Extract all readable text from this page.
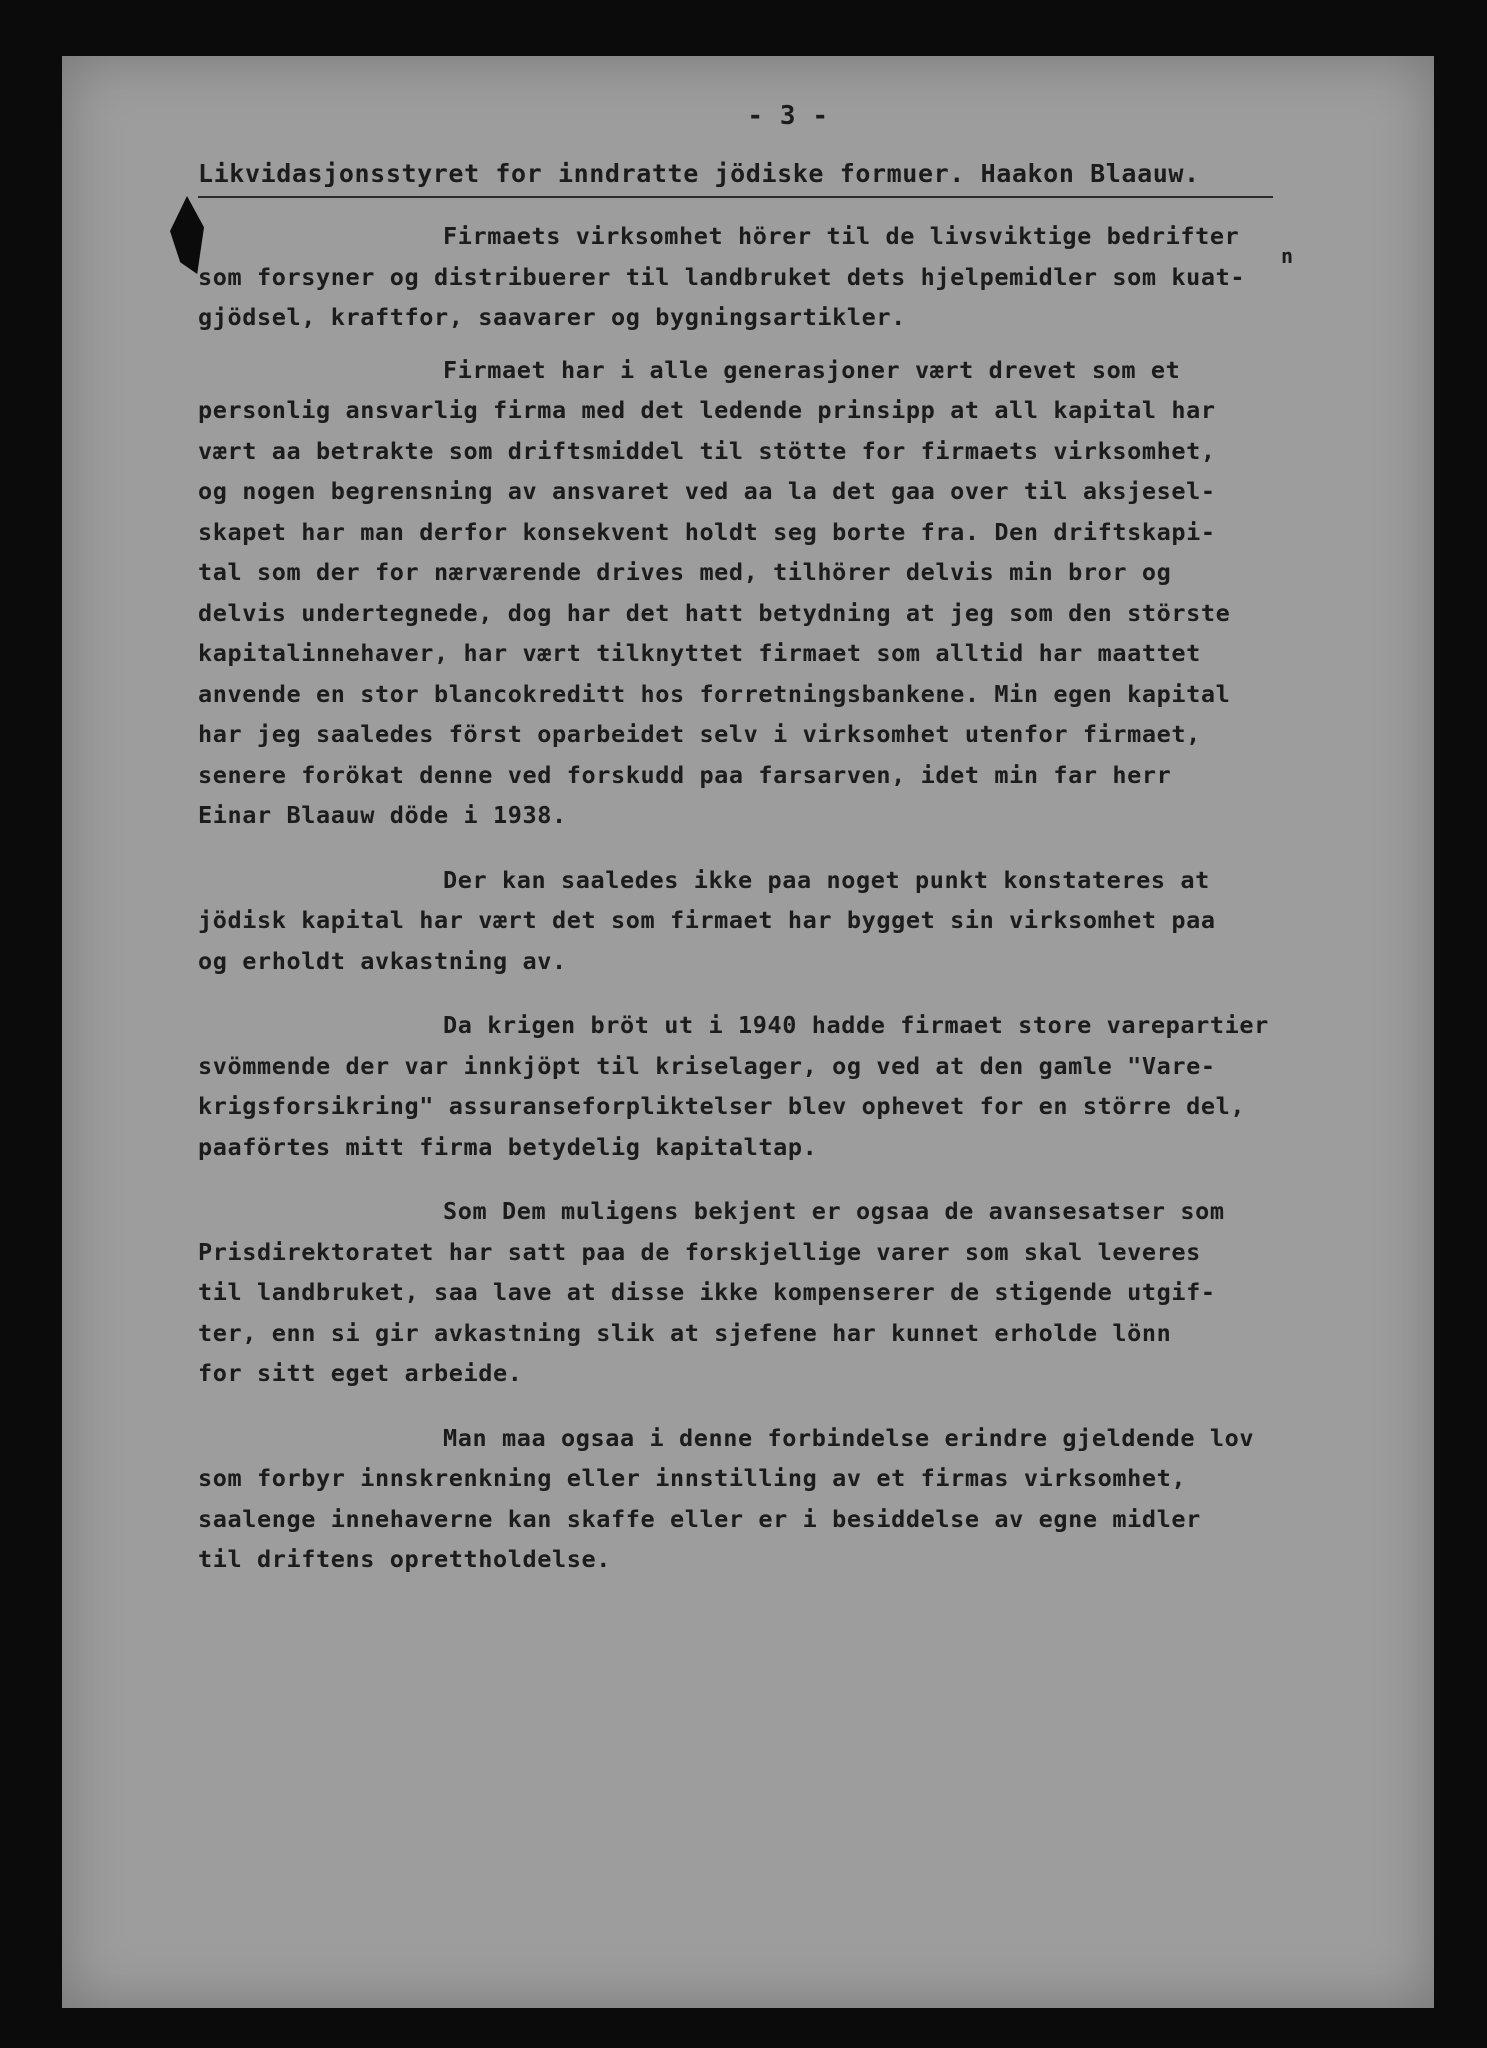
- 3 -
Likvidasjonsstyret for inndratte jödiske formuer. Haakon Blaauw.
n
Firmaets virksomhet hörer til de livsviktige bedrifter
som forsyner og distribuerer til landbruket dets hjelpemidler som kuat-
gjödsel, kraftfor, saavarer og bygningsartikler.
Firmaet har i alle generasjoner vært drevet som et
personlig ansvarlig firma med det ledende prinsipp at all kapital har
vært aa betrakte som driftsmiddel til stötte for firmaets virksomhet,
og nogen begrensning av ansvaret ved aa la det gaa over til aksjesel-
skapet har man derfor konsekvent holdt seg borte fra. Den driftskapi-
tal som der for nærværende drives med, tilhörer delvis min bror og
delvis undertegnede, dog har det hatt betydning at jeg som den störste
kapitalinnehaver, har vært tilknyttet firmaet som alltid har maattet
anvende en stor blancokreditt hos forretningsbankene. Min egen kapital
har jeg saaledes först oparbeidet selv i virksomhet utenfor firmaet,
senere forökat denne ved forskudd paa farsarven, idet min far herr
Einar Blaauw döde i 1938.
Der kan saaledes ikke paa noget punkt konstateres at
jödisk kapital har vært det som firmaet har bygget sin virksomhet paa
og erholdt avkastning av.
Da krigen bröt ut i 1940 hadde firmaet store varepartier
svömmende der var innkjöpt til kriselager, og ved at den gamle "Vare-
krigsforsikring" assuranseforpliktelser blev ophevet for en större del,
paaförtes mitt firma betydelig kapitaltap.
Som Dem muligens bekjent er ogsaa de avansesatser som
Prisdirektoratet har satt paa de forskjellige varer som skal leveres
til landbruket, saa lave at disse ikke kompenserer de stigende utgif-
ter, enn si gir avkastning slik at sjefene har kunnet erholde lönn
for sitt eget arbeide.
Man maa ogsaa i denne forbindelse erindre gjeldende lov
som forbyr innskrenkning eller innstilling av et firmas virksomhet,
saalenge innehaverne kan skaffe eller er i besiddelse av egne midler
til driftens oprettholdelse.
